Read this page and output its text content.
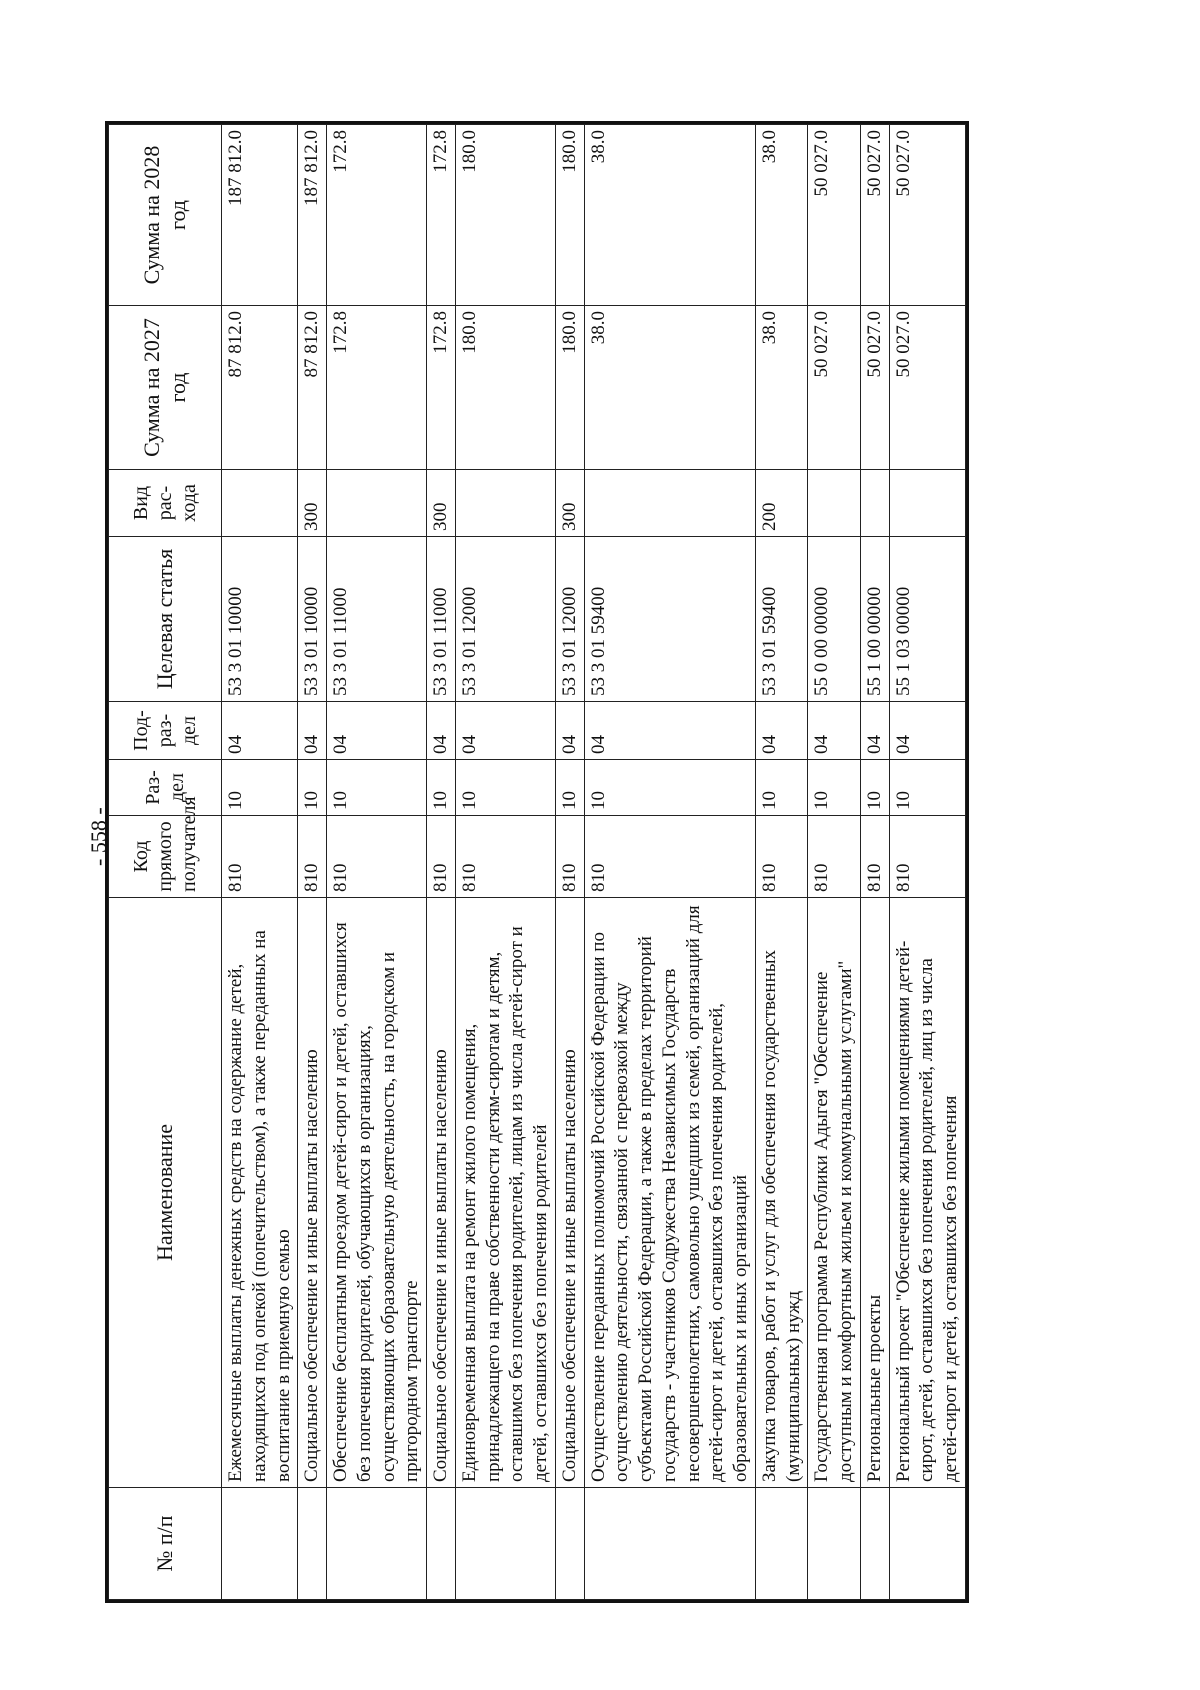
- 558 -
№ п/п	Наименование	Код прямого получателя	Раз-дел	Под-раз-дел	Целевая статья	Вид рас-хода	Сумма на 2027 год	Сумма на 2028 год
	Ежемесячные выплаты денежных средств на содержание детей, находящихся под опекой (попечительством), а также переданных на воспитание в приемную семью	810	10	04	53 3 01 10000		87 812.0	187 812.0
	Социальное обеспечение и иные выплаты населению	810	10	04	53 3 01 10000	300	87 812.0	187 812.0
	Обеспечение бесплатным проездом детей-сирот и детей, оставшихся без попечения родителей, обучающихся в организациях, осуществляющих образовательную деятельность, на городском и пригородном транспорте	810	10	04	53 3 01 11000		172.8	172.8
	Социальное обеспечение и иные выплаты населению	810	10	04	53 3 01 11000	300	172.8	172.8
	Единовременная выплата на ремонт жилого помещения, принадлежащего на праве собственности детям-сиротам и детям, оставшимся без попечения родителей, лицам из числа детей-сирот и детей, оставшихся без попечения родителей	810	10	04	53 3 01 12000		180.0	180.0
	Социальное обеспечение и иные выплаты населению	810	10	04	53 3 01 12000	300	180.0	180.0
	Осуществление переданных полномочий Российской Федерации по осуществлению деятельности, связанной с перевозкой между субъектами Российской Федерации, а также в пределах территорий государств - участников Содружества Независимых Государств несовершеннолетних, самовольно ушедших из семей, организаций для детей-сирот и детей, оставшихся без попечения родителей, образовательных и иных организаций	810	10	04	53 3 01 59400		38.0	38.0
	Закупка товаров, работ и услуг для обеспечения государственных (муниципальных) нужд	810	10	04	53 3 01 59400	200	38.0	38.0
	Государственная программа Республики Адыгея "Обеспечение доступным и комфортным жильем и коммунальными услугами"	810	10	04	55 0 00 00000		50 027.0	50 027.0
	Региональные проекты	810	10	04	55 1 00 00000		50 027.0	50 027.0
	Региональный проект "Обеспечение жилыми помещениями детей-сирот, детей, оставшихся без попечения родителей, лиц из числа детей-сирот и детей, оставшихся без попечения	810	10	04	55 1 03 00000		50 027.0	50 027.0
